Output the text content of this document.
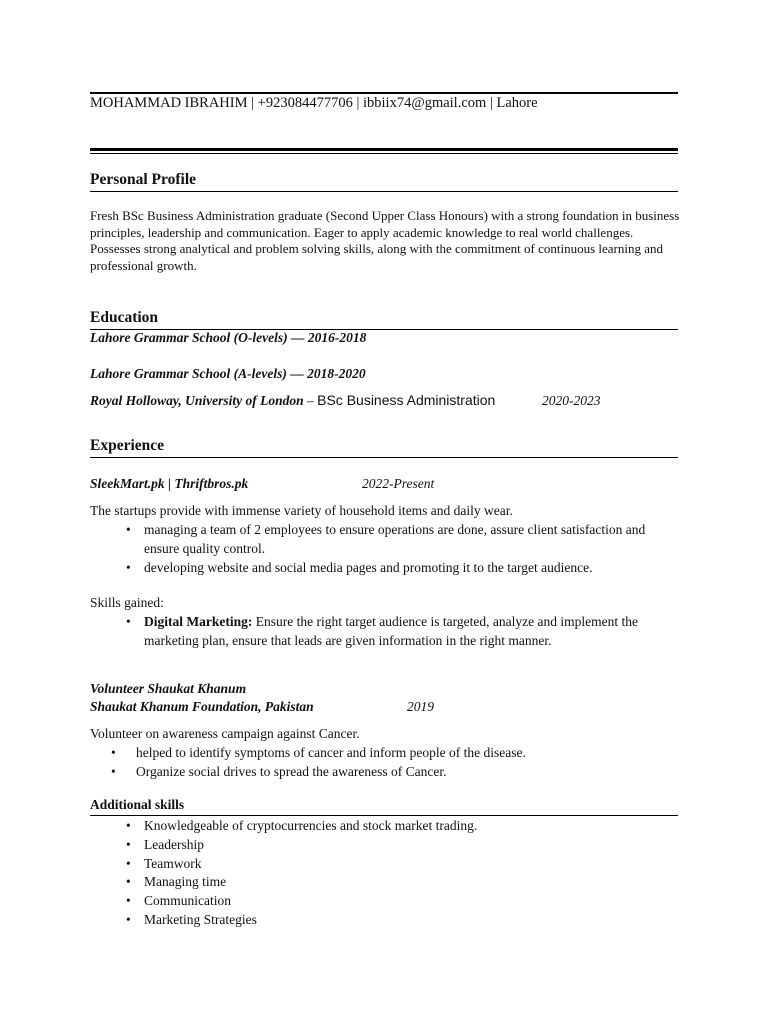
MOHAMMAD IBRAHIM | +923084477706 | ibbiix74@gmail.com | Lahore
Personal Profile
Fresh BSc Business Administration graduate (Second Upper Class Honours) with a strong foundation in business principles, leadership and communication. Eager to apply academic knowledge to real world challenges. Possesses strong analytical and problem solving skills, along with the commitment of continuous learning and professional growth.
Education
Lahore Grammar School (O-levels) — 2016-2018
Lahore Grammar School (A-levels) — 2018-2020
Royal Holloway, University of London – BSc Business Administration	2020-2023
Experience
SleekMart.pk | Thriftbros.pk	2022-Present
The startups provide with immense variety of household items and daily wear.
• managing a team of 2 employees to ensure operations are done, assure client satisfaction and ensure quality control.
• developing website and social media pages and promoting it to the target audience.
Skills gained:
• Digital Marketing: Ensure the right target audience is targeted, analyze and implement the marketing plan, ensure that leads are given information in the right manner.
Volunteer Shaukat Khanum
Shaukat Khanum Foundation, Pakistan	2019
Volunteer on awareness campaign against Cancer.
• helped to identify symptoms of cancer and inform people of the disease.
• Organize social drives to spread the awareness of Cancer.
Additional skills
• Knowledgeable of cryptocurrencies and stock market trading.
• Leadership
• Teamwork
• Managing time
• Communication
• Marketing Strategies
